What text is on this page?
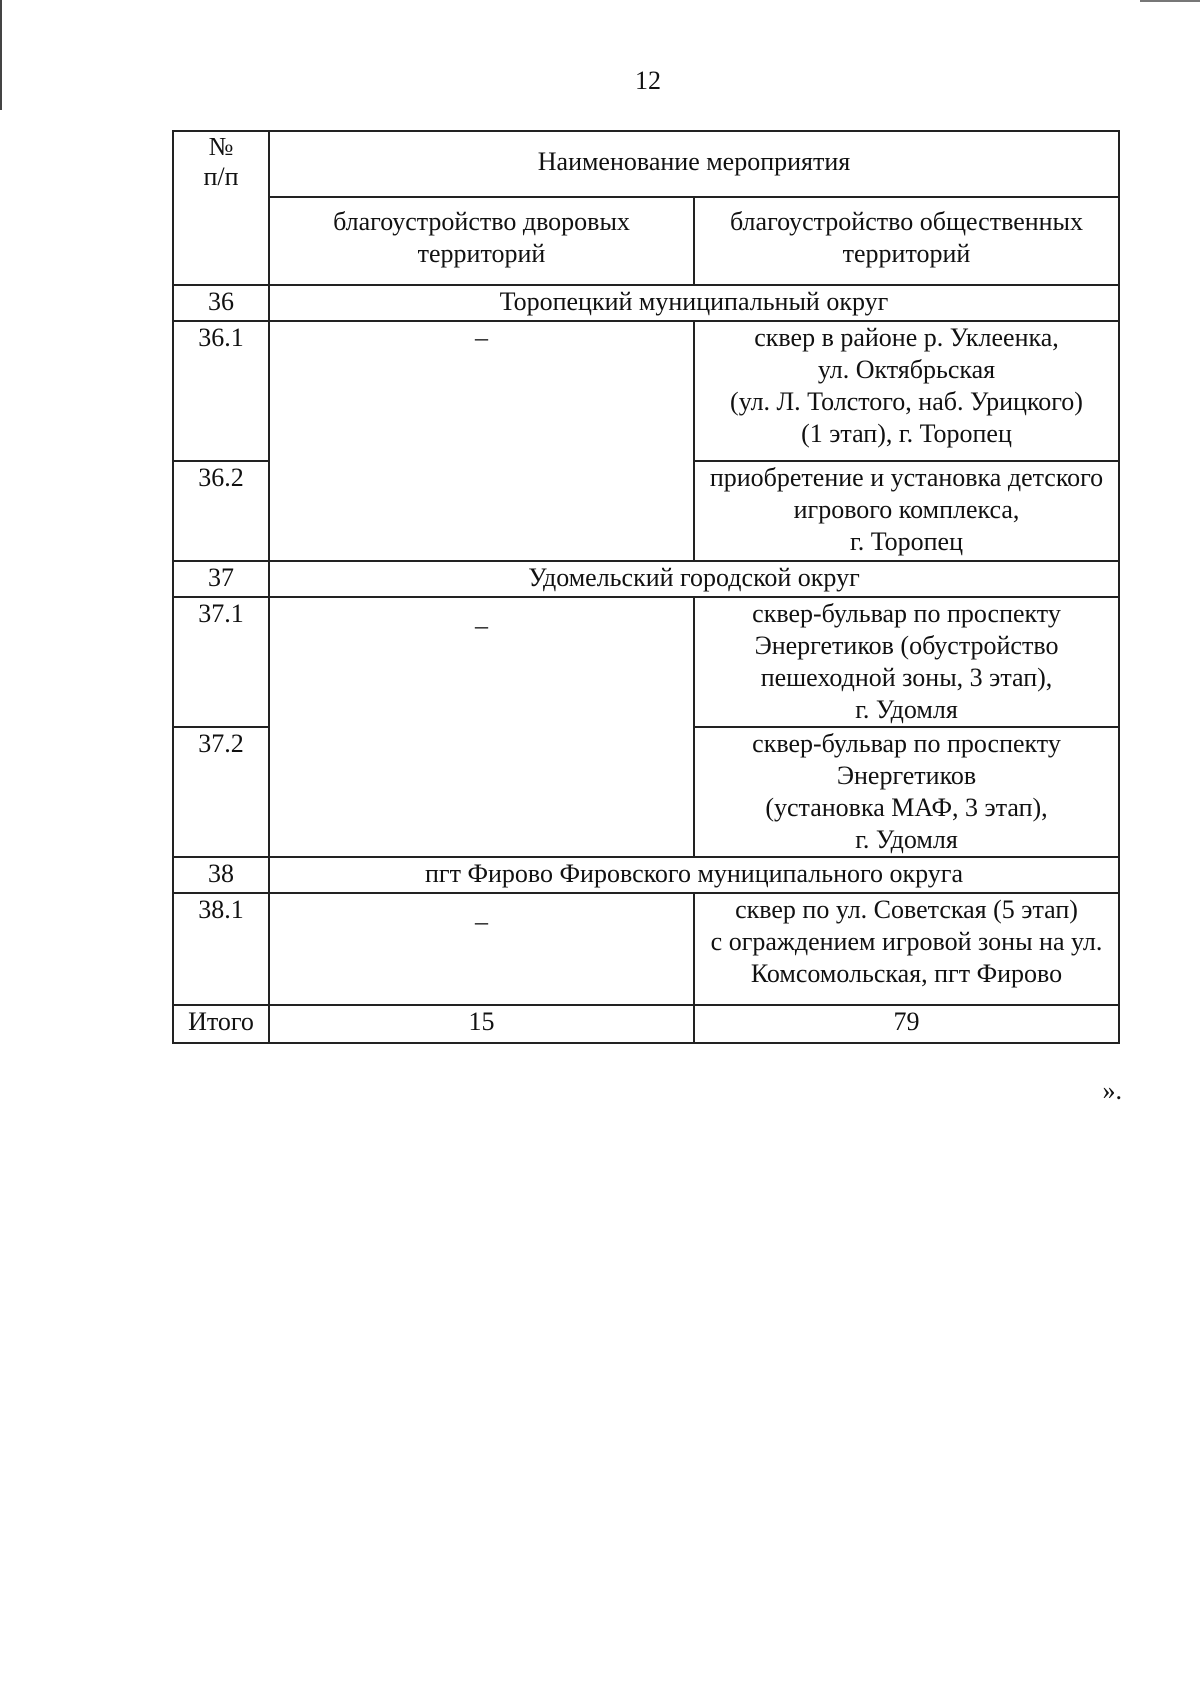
12
№
п/п	Наименование мероприятия	

	благоустройство дворовых территорий	благоустройство общественных территорий
36	Торопецкий муниципальный округ	
36.1	–	сквер в районе р. Уклеенка,
ул. Октябрьская
(ул. Л. Толстого, наб. Урицкого)
(1 этап), г. Торопец
36.2		приобретение и установка детского игрового комплекса,
г. Торопец
37	Удомельский городской округ	
37.1	–	сквер-бульвар по проспекту Энергетиков (обустройство пешеходной зоны, 3 этап),
г. Удомля
37.2		сквер-бульвар по проспекту Энергетиков
(установка МАФ, 3 этап),
г. Удомля
38	пгт Фирово Фировского муниципального округа	
38.1	–	сквер по ул. Советская (5 этап)
с ограждением игровой зоны на ул. Комсомольская, пгт Фирово
Итого	15	79
».
